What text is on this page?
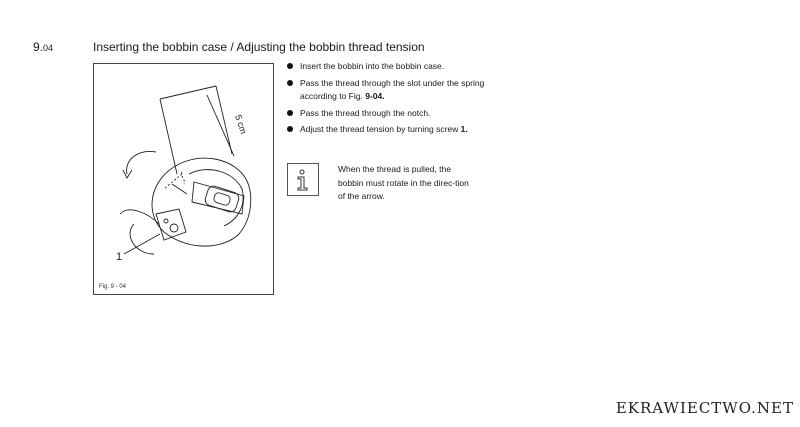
9.04	Inserting the bobbin case / Adjusting the bobbin thread tension
5 cm
1
Fig. 9 - 04
Insert the bobbin into the bobbin case.
Pass the thread through the slot under the spring according to Fig. 9-04.
Pass the thread through the notch.
Adjust the thread tension by turning screw 1.
When the thread is pulled, the bobbin must rotate in the direc-tion of the arrow.
EKRAWIECTWO.NET
